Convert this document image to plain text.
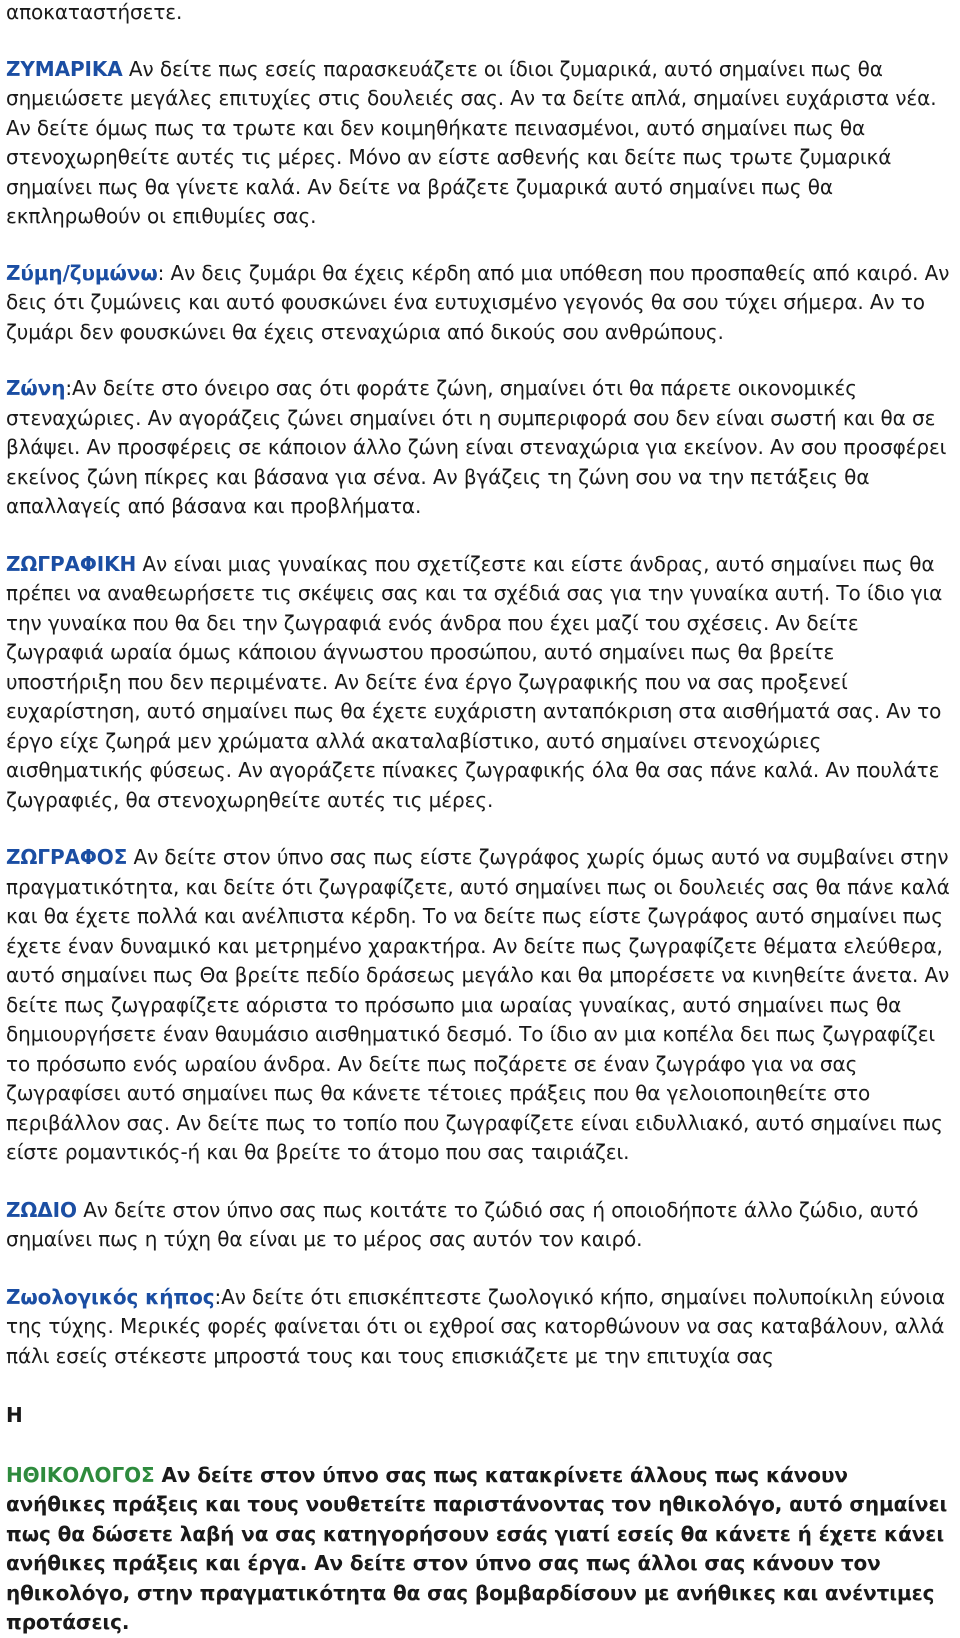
αποκαταστήσετε.

ΖΥΜΑΡΙΚΑ Αν δείτε πως εσείς παρασκευάζετε οι ίδιοι ζυμαρικά, αυτό σημαίνει πως θα σημειώσετε μεγάλες επιτυχίες στις δουλειές σας. Αν τα δείτε απλά, σημαίνει ευχάριστα νέα. Αν δείτε όμως πως τα τρωτε και δεν κοιμηθήκατε πεινασμένοι, αυτό σημαίνει πως θα στενοχωρηθείτε αυτές τις μέρες. Μόνο αν είστε ασθενής και δείτε πως τρωτε ζυμαρικά σημαίνει πως θα γίνετε καλά. Αν δείτε να βράζετε ζυμαρικά αυτό σημαίνει πως θα εκπληρωθούν οι επιθυμίες σας.

Ζύμη/ζυμώνω: Αν δεις ζυμάρι θα έχεις κέρδη από μια υπόθεση που προσπαθείς από καιρό. Αν δεις ότι ζυμώνεις και αυτό φουσκώνει ένα ευτυχισμένο γεγονός θα σου τύχει σήμερα. Αν το ζυμάρι δεν φουσκώνει θα έχεις στεναχώρια από δικούς σου ανθρώπους.

Ζώνη:Αν δείτε στο όνειρο σας ότι φοράτε ζώνη, σημαίνει ότι θα πάρετε οικονομικές στεναχώριες. Αν αγοράζεις ζώνει σημαίνει ότι η συμπεριφορά σου δεν είναι σωστή και θα σε βλάψει. Αν προσφέρεις σε κάποιον άλλο ζώνη είναι στεναχώρια για εκείνον. Αν σου προσφέρει εκείνος ζώνη πίκρες και βάσανα για σένα. Αν βγάζεις τη ζώνη σου να την πετάξεις θα απαλλαγείς από βάσανα και προβλήματα.

ΖΩΓΡΑΦΙΚΗ Αν είναι μιας γυναίκας που σχετίζεστε και είστε άνδρας, αυτό σημαίνει πως θα πρέπει να αναθεωρήσετε τις σκέψεις σας και τα σχέδιά σας για την γυναίκα αυτή. Το ίδιο για την γυναίκα που θα δει την ζωγραφιά ενός άνδρα που έχει μαζί του σχέσεις. Αν δείτε ζωγραφιά ωραία όμως κάποιου άγνωστου προσώπου, αυτό σημαίνει πως θα βρείτε υποστήριξη που δεν περιμένατε. Αν δείτε ένα έργο ζωγραφικής που να σας προξενεί ευχαρίστηση, αυτό σημαίνει πως θα έχετε ευχάριστη ανταπόκριση στα αισθήματά σας. Αν το έργο είχε ζωηρά μεν χρώματα αλλά ακαταλαβίστικο, αυτό σημαίνει στενοχώριες αισθηματικής φύσεως. Αν αγοράζετε πίνακες ζωγραφικής όλα θα σας πάνε καλά. Αν πουλάτε ζωγραφιές, θα στενοχωρηθείτε αυτές τις μέρες.

ΖΩΓΡΑΦΟΣ Αν δείτε στον ύπνο σας πως είστε ζωγράφος χωρίς όμως αυτό να συμβαίνει στην πραγματικότητα, και δείτε ότι ζωγραφίζετε, αυτό σημαίνει πως οι δουλειές σας θα πάνε καλά και θα έχετε πολλά και ανέλπιστα κέρδη. Το να δείτε πως είστε ζωγράφος αυτό σημαίνει πως έχετε έναν δυναμικό και μετρημένο χαρακτήρα. Αν δείτε πως ζωγραφίζετε θέματα ελεύθερα, αυτό σημαίνει πως Θα βρείτε πεδίο δράσεως μεγάλο και θα μπορέσετε να κινηθείτε άνετα. Αν δείτε πως ζωγραφίζετε αόριστα το πρόσωπο μια ωραίας γυναίκας, αυτό σημαίνει πως θα δημιουργήσετε έναν θαυμάσιο αισθηματικό δεσμό. Το ίδιο αν μια κοπέλα δει πως ζωγραφίζει το πρόσωπο ενός ωραίου άνδρα. Αν δείτε πως ποζάρετε σε έναν ζωγράφο για να σας ζωγραφίσει αυτό σημαίνει πως θα κάνετε τέτοιες πράξεις που θα γελοιοποιηθείτε στο περιβάλλον σας. Αν δείτε πως το τοπίο που ζωγραφίζετε είναι ειδυλλιακό, αυτό σημαίνει πως είστε ρομαντικός-ή και θα βρείτε το άτομο που σας ταιριάζει.

ΖΩΔΙΟ Αν δείτε στον ύπνο σας πως κοιτάτε το ζώδιό σας ή οποιοδήποτε άλλο ζώδιο, αυτό σημαίνει πως η τύχη θα είναι με το μέρος σας αυτόν τον καιρό.

Ζωολογικός κήπος:Αν δείτε ότι επισκέπτεστε ζωολογικό κήπο, σημαίνει πολυποίκιλη εύνοια της τύχης. Μερικές φορές φαίνεται ότι οι εχθροί σας κατορθώνουν να σας καταβάλουν, αλλά πάλι εσείς στέκεστε μπροστά τους και τους επισκιάζετε με την επιτυχία σας

Η

ΗΘΙΚΟΛΟΓΟΣ Αν δείτε στον ύπνο σας πως κατακρίνετε άλλους πως κάνουν ανήθικες πράξεις και τους νουθετείτε παριστάνοντας τον ηθικολόγο, αυτό σημαίνει πως θα δώσετε λαβή να σας κατηγορήσουν εσάς γιατί εσείς θα κάνετε ή έχετε κάνει ανήθικες πράξεις και έργα. Αν δείτε στον ύπνο σας πως άλλοι σας κάνουν τον ηθικολόγο, στην πραγματικότητα θα σας βομβαρδίσουν με ανήθικες και ανέντιμες προτάσεις.
